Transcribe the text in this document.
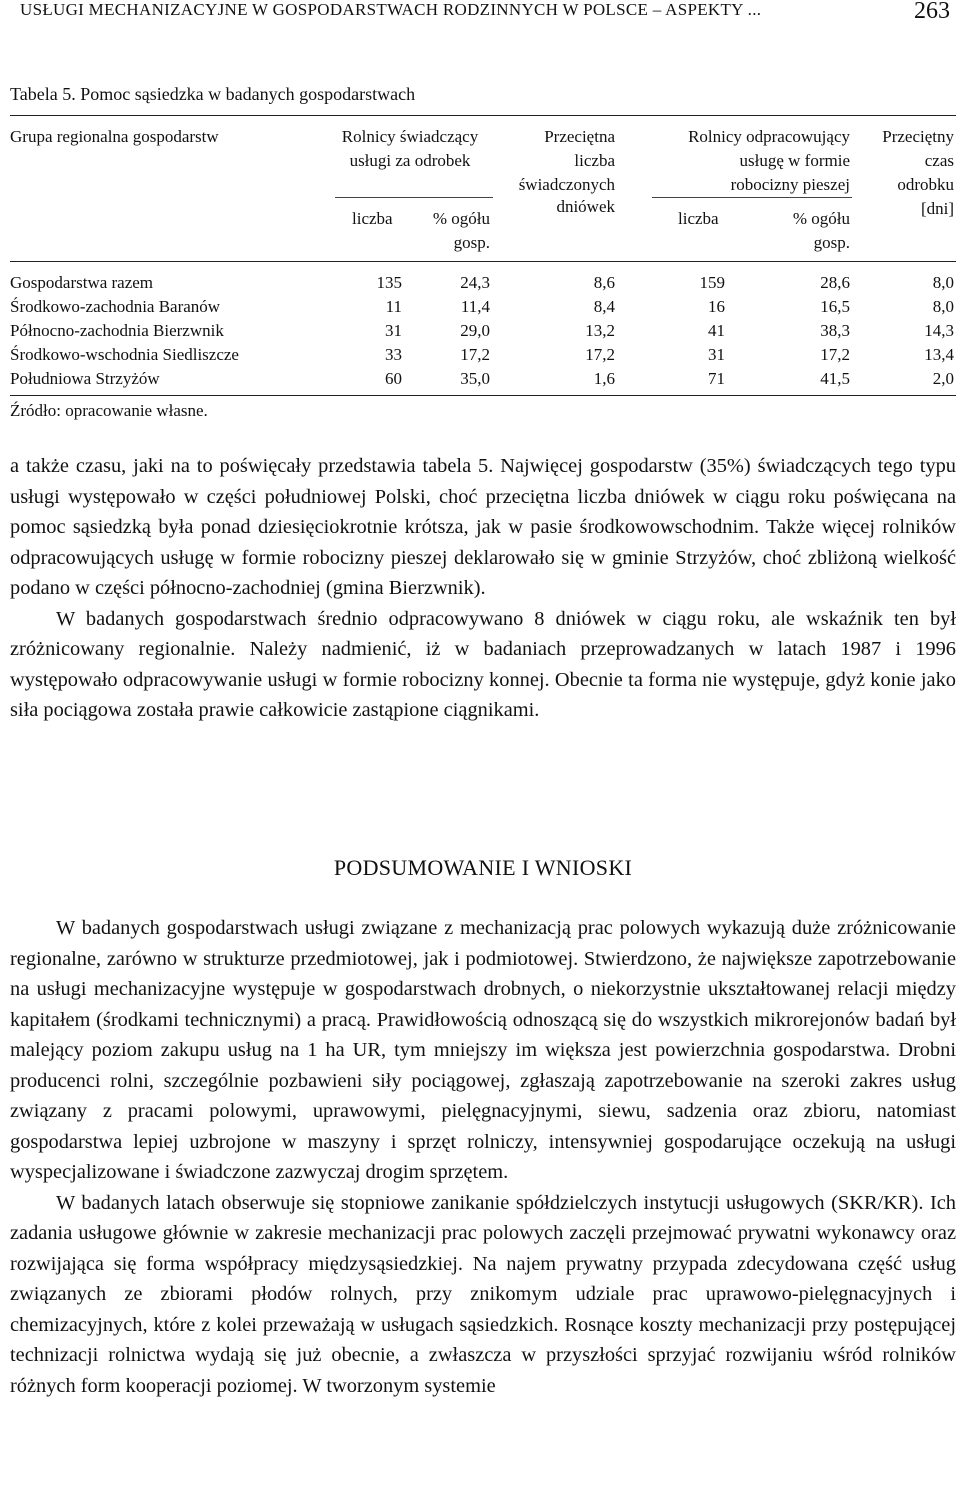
USŁUGI MECHANIZACYJNE W GOSPODARSTWACH RODZINNYCH W POLSCE – ASPEKTY ...	263
Tabela 5. Pomoc sąsiedzka w badanych gospodarstwach
Grupa regionalna gospodarstw	Rolnicy świadczący
usługi za odrobek
liczba	% ogółu
gosp.
Przeciętna
liczba
świadczonych
dniówek
Rolnicy odpracowujący
usługę w formie
robocizny pieszej
liczba	% ogółu
gosp.
Przeciętny
czas
odrobku
[dni]
Gospodarstwa razem	135	24,3	8,6	159	28,6	8,0
Środkowo-zachodnia Baranów	11	11,4	8,4	16	16,5	8,0
Północno-zachodnia Bierzwnik	31	29,0	13,2	41	38,3	14,3
Środkowo-wschodnia Siedliszcze	33	17,2	17,2	31	17,2	13,4
Południowa Strzyżów	60	35,0	1,6	71	41,5	2,0
Źródło: opracowanie własne.

a także czasu, jaki na to poświęcały przedstawia tabela 5. Najwięcej gospodarstw (35%) świadczących tego typu usługi występowało w części południowej Polski, choć przeciętna liczba dniówek w ciągu roku poświęcana na pomoc sąsiedzką była ponad dziesięciokrotnie krótsza, jak w pasie środkowowschodnim. Także więcej rolników odpracowujących usługę w formie robocizny pieszej deklarowało się w gminie Strzyżów, choć zbliżoną wielkość podano w części północno-zachodniej (gmina Bierzwnik).

W badanych gospodarstwach średnio odpracowywano 8 dniówek w ciągu roku, ale wskaźnik ten był zróżnicowany regionalnie. Należy nadmienić, iż w badaniach przeprowadzanych w latach 1987 i 1996 występowało odpracowywanie usługi w formie robocizny konnej. Obecnie ta forma nie występuje, gdyż konie jako siła pociągowa została prawie całkowicie zastąpione ciągnikami.

PODSUMOWANIE I WNIOSKI

W badanych gospodarstwach usługi związane z mechanizacją prac polowych wykazują duże zróżnicowanie regionalne, zarówno w strukturze przedmiotowej, jak i podmiotowej. Stwierdzono, że największe zapotrzebowanie na usługi mechanizacyjne występuje w gospodarstwach drobnych, o niekorzystnie ukształtowanej relacji między kapitałem (środkami technicznymi) a pracą. Prawidłowością odnoszącą się do wszystkich mikrorejonów badań był malejący poziom zakupu usług na 1 ha UR, tym mniejszy im większa jest powierzchnia gospodarstwa. Drobni producenci rolni, szczególnie pozbawieni siły pociągowej, zgłaszają zapotrzebowanie na szeroki zakres usług związany z pracami polowymi, uprawowymi, pielęgnacyjnymi, siewu, sadzenia oraz zbioru, natomiast gospodarstwa lepiej uzbrojone w maszyny i sprzęt rolniczy, intensywniej gospodarujące oczekują na usługi wyspecjalizowane i świadczone zazwyczaj drogim sprzętem.

W badanych latach obserwuje się stopniowe zanikanie spółdzielczych instytucji usługowych (SKR/KR). Ich zadania usługowe głównie w zakresie mechanizacji prac polowych zaczęli przejmować prywatni wykonawcy oraz rozwijająca się forma współpracy międzysąsiedzkiej. Na najem prywatny przypada zdecydowana część usług związanych ze zbiorami płodów rolnych, przy znikomym udziale prac uprawowo-pielęgnacyjnych i chemizacyjnych, które z kolei przeważają w usługach sąsiedzkich. Rosnące koszty mechanizacji przy postępującej technizacji rolnictwa wydają się już obecnie, a zwłaszcza w przyszłości sprzyjać rozwijaniu wśród rolników różnych form kooperacji poziomej. W tworzonym systemie
